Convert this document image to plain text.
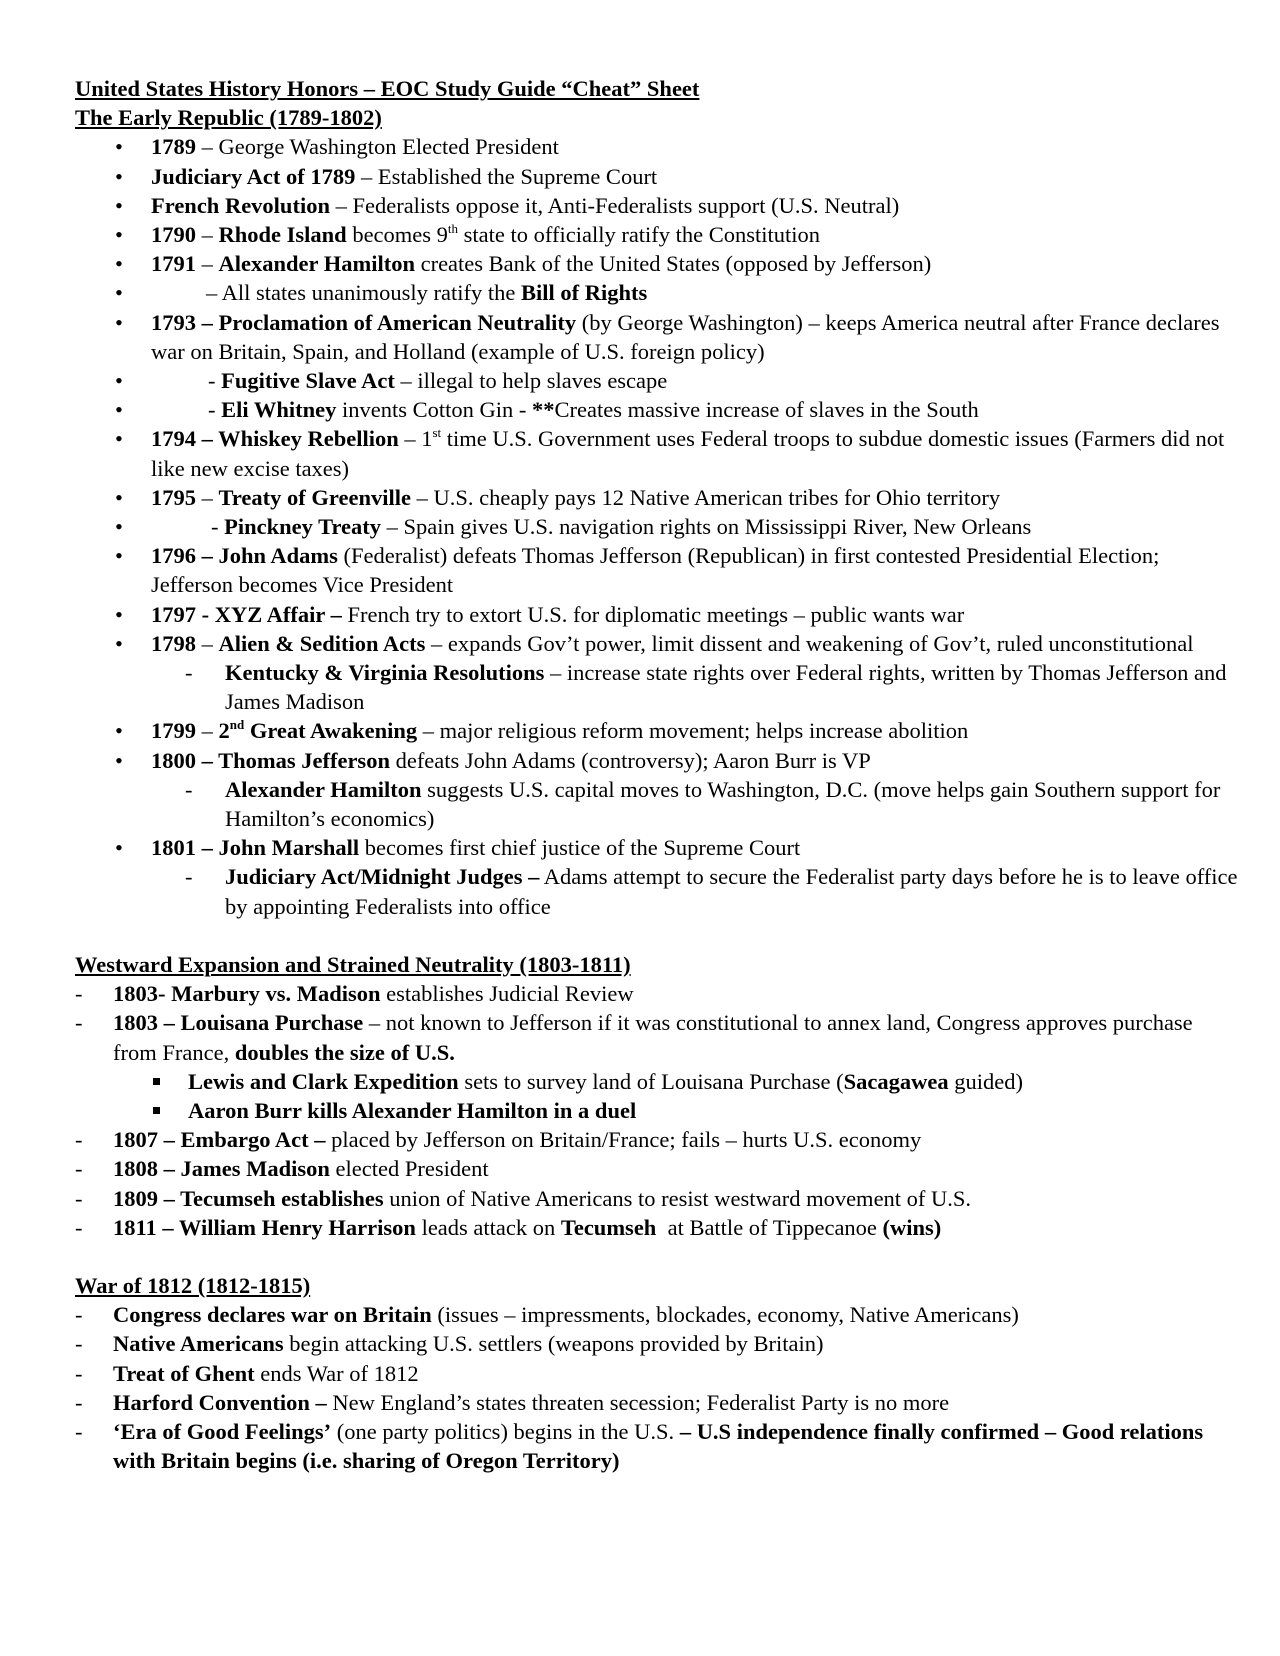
United States History Honors – EOC Study Guide “Cheat” Sheet
The Early Republic (1789-1802)
• 1789 – George Washington Elected President
• Judiciary Act of 1789 – Established the Supreme Court
• French Revolution – Federalists oppose it, Anti-Federalists support (U.S. Neutral)
• 1790 – Rhode Island becomes 9th state to officially ratify the Constitution
• 1791 – Alexander Hamilton creates Bank of the United States (opposed by Jefferson)
• – All states unanimously ratify the Bill of Rights
• 1793 – Proclamation of American Neutrality (by George Washington) – keeps America neutral after France declares war on Britain, Spain, and Holland (example of U.S. foreign policy)
• - Fugitive Slave Act – illegal to help slaves escape
• - Eli Whitney invents Cotton Gin - **Creates massive increase of slaves in the South
• 1794 – Whiskey Rebellion – 1st time U.S. Government uses Federal troops to subdue domestic issues (Farmers did not like new excise taxes)
• 1795 – Treaty of Greenville – U.S. cheaply pays 12 Native American tribes for Ohio territory
• - Pinckney Treaty – Spain gives U.S. navigation rights on Mississippi River, New Orleans
• 1796 – John Adams (Federalist) defeats Thomas Jefferson (Republican) in first contested Presidential Election; Jefferson becomes Vice President
• 1797 - XYZ Affair – French try to extort U.S. for diplomatic meetings – public wants war
• 1798 – Alien & Sedition Acts – expands Gov’t power, limit dissent and weakening of Gov’t, ruled unconstitutional
- Kentucky & Virginia Resolutions – increase state rights over Federal rights, written by Thomas Jefferson and James Madison
• 1799 – 2nd Great Awakening – major religious reform movement; helps increase abolition
• 1800 – Thomas Jefferson defeats John Adams (controversy); Aaron Burr is VP
- Alexander Hamilton suggests U.S. capital moves to Washington, D.C. (move helps gain Southern support for Hamilton’s economics)
• 1801 – John Marshall becomes first chief justice of the Supreme Court
- Judiciary Act/Midnight Judges – Adams attempt to secure the Federalist party days before he is to leave office by appointing Federalists into office
Westward Expansion and Strained Neutrality (1803-1811)
- 1803- Marbury vs. Madison establishes Judicial Review
- 1803 – Louisana Purchase – not known to Jefferson if it was constitutional to annex land, Congress approves purchase from France, doubles the size of U.S.
Lewis and Clark Expedition sets to survey land of Louisana Purchase (Sacagawea guided)
Aaron Burr kills Alexander Hamilton in a duel
- 1807 – Embargo Act – placed by Jefferson on Britain/France; fails – hurts U.S. economy
- 1808 – James Madison elected President
- 1809 – Tecumseh establishes union of Native Americans to resist westward movement of U.S.
- 1811 – William Henry Harrison leads attack on Tecumseh  at Battle of Tippecanoe (wins)
War of 1812 (1812-1815)
- Congress declares war on Britain (issues – impressments, blockades, economy, Native Americans)
- Native Americans begin attacking U.S. settlers (weapons provided by Britain)
- Treat of Ghent ends War of 1812
- Harford Convention – New England’s states threaten secession; Federalist Party is no more
- ‘Era of Good Feelings’ (one party politics) begins in the U.S. – U.S independence finally confirmed – Good relations with Britain begins (i.e. sharing of Oregon Territory)
